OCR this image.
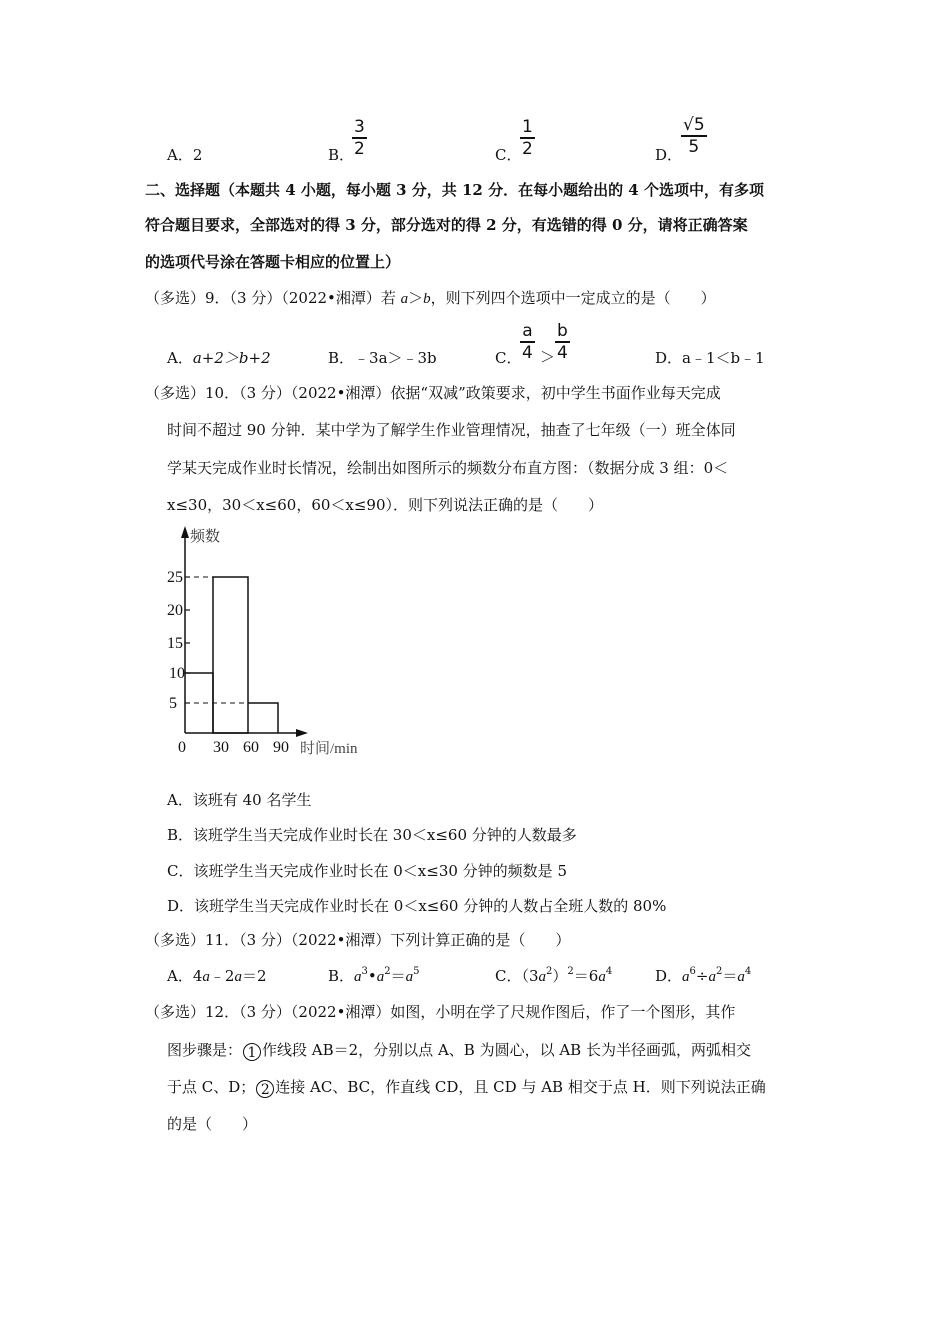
A．2	B．
3
2	C．
1
2	D．
√5
5
二、选择题（本题共 4 小题，每小题 3 分，共 12 分．在每小题给出的 4 个选项中，有多项
符合题目要求，全部选对的得 3 分，部分选对的得 2 分，有选错的得 0 分，请将正确答案
的选项代号涂在答题卡相应的位置上）
（多选）9．（3 分）（2022•湘潭）若 a＞b，则下列四个选项中一定成立的是（　　）
A．a+2＞b+2	B．﹣3a＞﹣3b	C．
a
4 ＞
b
4	D．a﹣1＜b﹣1
（多选）10．（3 分）（2022•湘潭）依据“双减”政策要求，初中学生书面作业每天完成
时间不超过 90 分钟．某中学为了解学生作业管理情况，抽查了七年级（一）班全体同
学某天完成作业时长情况，绘制出如图所示的频数分布直方图：（数据分成 3 组：0＜
x≤30，30＜x≤60，60＜x≤90）．则下列说法正确的是（　　）
频数
25
20
15
10
5
0 30 60 90 时间/min
A．该班有 40 名学生
B．该班学生当天完成作业时长在 30＜x≤60 分钟的人数最多
C．该班学生当天完成作业时长在 0＜x≤30 分钟的频数是 5
D．该班学生当天完成作业时长在 0＜x≤60 分钟的人数占全班人数的 80%
（多选）11．（3 分）（2022•湘潭）下列计算正确的是（　　）
A．4a﹣2a＝2	B．$a^3•a^2=a^5$	C．$(3a^2)^2=6a^4$	D．$a^6\div a^2=a^4$
（多选）12．（3 分）（2022•湘潭）如图，小明在学了尺规作图后，作了一个图形，其作
图步骤是： 1 作线段 AB＝2，分别以点 A、B 为圆心，以 AB 长为半径画弧，两弧相交
于点 C、D； 2 连接 AC、BC，作直线 CD，且 CD 与 AB 相交于点 H．则下列说法正确
的是（　　）
